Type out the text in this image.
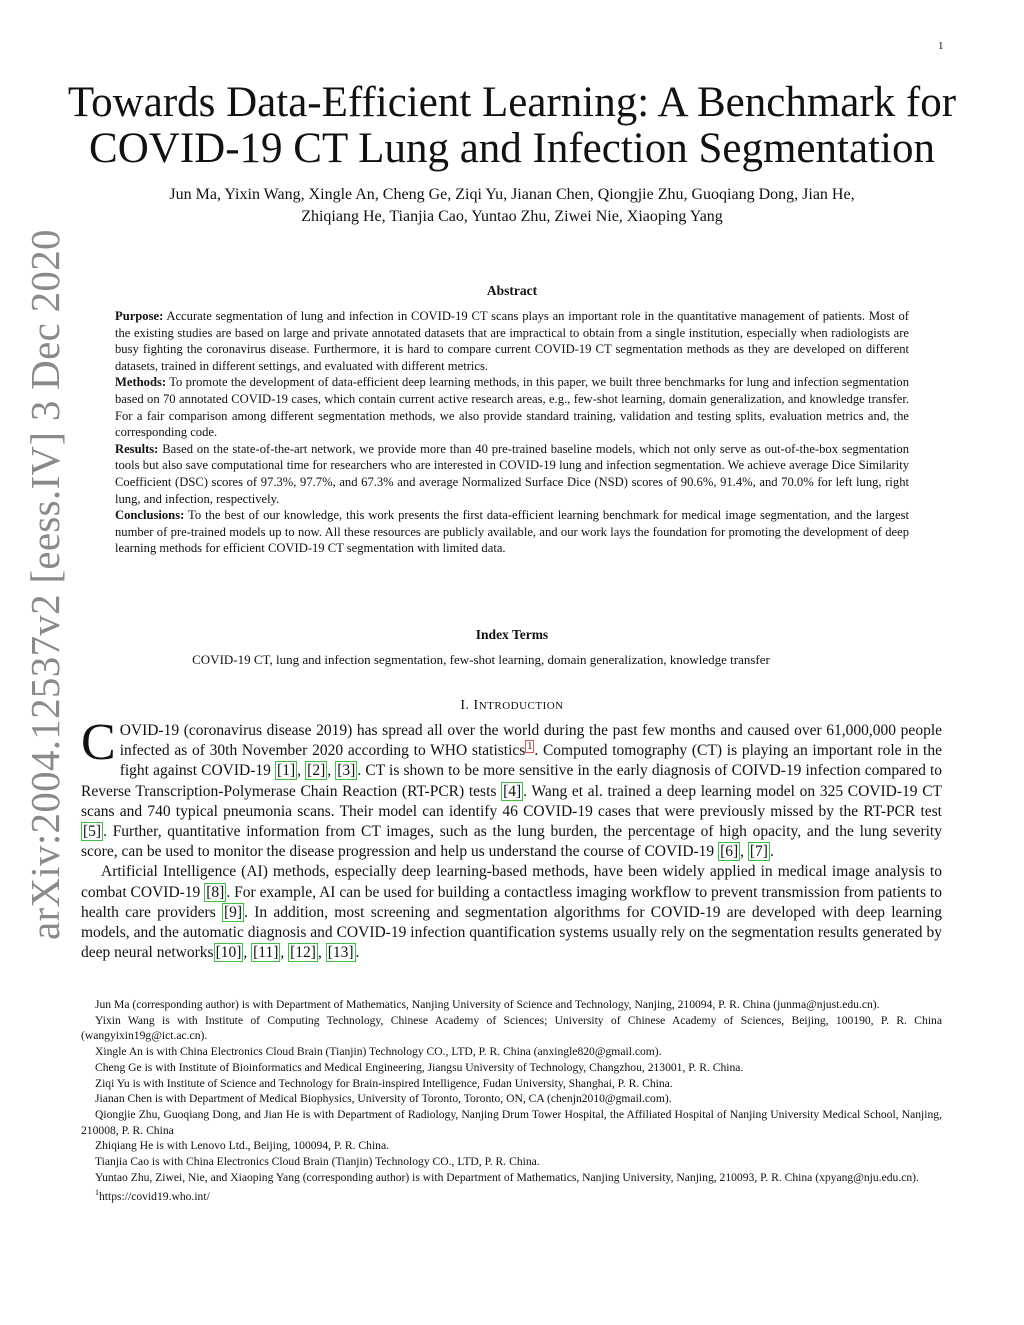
1
arXiv:2004.12537v2 [eess.IV] 3 Dec 2020
Towards Data-Efficient Learning: A Benchmark for
COVID-19 CT Lung and Infection Segmentation
Jun Ma, Yixin Wang, Xingle An, Cheng Ge, Ziqi Yu, Jianan Chen, Qiongjie Zhu, Guoqiang Dong, Jian He,
Zhiqiang He, Tianjia Cao, Yuntao Zhu, Ziwei Nie, Xiaoping Yang
Abstract

Purpose: Accurate segmentation of lung and infection in COVID-19 CT scans plays an important role in the quantitative management of patients. Most of the existing studies are based on large and private annotated datasets that are impractical to obtain from a single institution, especially when radiologists are busy fighting the coronavirus disease. Furthermore, it is hard to compare current COVID-19 CT segmentation methods as they are developed on different datasets, trained in different settings, and evaluated with different metrics.

Methods: To promote the development of data-efficient deep learning methods, in this paper, we built three benchmarks for lung and infection segmentation based on 70 annotated COVID-19 cases, which contain current active research areas, e.g., few-shot learning, domain generalization, and knowledge transfer. For a fair comparison among different segmentation methods, we also provide standard training, validation and testing splits, evaluation metrics and, the corresponding code.

Results: Based on the state-of-the-art network, we provide more than 40 pre-trained baseline models, which not only serve as out-of-the-box segmentation tools but also save computational time for researchers who are interested in COVID-19 lung and infection segmentation. We achieve average Dice Similarity Coefficient (DSC) scores of 97.3%, 97.7%, and 67.3% and average Normalized Surface Dice (NSD) scores of 90.6%, 91.4%, and 70.0% for left lung, right lung, and infection, respectively.

Conclusions: To the best of our knowledge, this work presents the first data-efficient learning benchmark for medical image segmentation, and the largest number of pre-trained models up to now. All these resources are publicly available, and our work lays the foundation for promoting the development of deep learning methods for efficient COVID-19 CT segmentation with limited data.

Index Terms
COVID-19 CT, lung and infection segmentation, few-shot learning, domain generalization, knowledge transfer
I. INTRODUCTION

COVID-19 (coronavirus disease 2019) has spread all over the world during the past few months and caused over 61,000,000 people infected as of 30th November 2020 according to WHO statistics $^1$ . Computed tomography (CT) is playing an important role in the fight against COVID-19 [1] , [2] , [3] . CT is shown to be more sensitive in the early diagnosis of COIVD-19 infection compared to Reverse Transcription-Polymerase Chain Reaction (RT-PCR) tests [4] . Wang et al. trained a deep learning model on 325 COVID-19 CT scans and 740 typical pneumonia scans. Their model can identify 46 COVID-19 cases that were previously missed by the RT-PCR test [5] . Further, quantitative information from CT images, such as the lung burden, the percentage of high opacity, and the lung severity score, can be used to monitor the disease progression and help us understand the course of COVID-19 [6] , [7] .

Artificial Intelligence (AI) methods, especially deep learning-based methods, have been widely applied in medical image analysis to combat COVID-19 [8] . For example, AI can be used for building a contactless imaging workflow to prevent transmission from patients to health care providers [9] . In addition, most screening and segmentation algorithms for COVID-19 are developed with deep learning models, and the automatic diagnosis and COVID-19 infection quantification systems usually rely on the segmentation results generated by deep neural networks [10] , [11] , [12] , [13] .

Jun Ma (corresponding author) is with Department of Mathematics, Nanjing University of Science and Technology, Nanjing, 210094, P. R. China (junma@njust.edu.cn).

Yixin Wang is with Institute of Computing Technology, Chinese Academy of Sciences; University of Chinese Academy of Sciences, Beijing, 100190, P. R. China (wangyixin19g@ict.ac.cn).

Xingle An is with China Electronics Cloud Brain (Tianjin) Technology CO., LTD, P. R. China (anxingle820@gmail.com).

Cheng Ge is with Institute of Bioinformatics and Medical Engineering, Jiangsu University of Technology, Changzhou, 213001, P. R. China.

Ziqi Yu is with Institute of Science and Technology for Brain-inspired Intelligence, Fudan University, Shanghai, P. R. China.

Jianan Chen is with Department of Medical Biophysics, University of Toronto, Toronto, ON, CA (chenjn2010@gmail.com).

Qiongjie Zhu, Guoqiang Dong, and Jian He is with Department of Radiology, Nanjing Drum Tower Hospital, the Affiliated Hospital of Nanjing University Medical School, Nanjing, 210008, P. R. China

Zhiqiang He is with Lenovo Ltd., Beijing, 100094, P. R. China.

Tianjia Cao is with China Electronics Cloud Brain (Tianjin) Technology CO., LTD, P. R. China.

Yuntao Zhu, Ziwei, Nie, and Xiaoping Yang (corresponding author) is with Department of Mathematics, Nanjing University, Nanjing, 210093, P. R. China (xpyang@nju.edu.cn).

$^1$https://covid19.who.int/
